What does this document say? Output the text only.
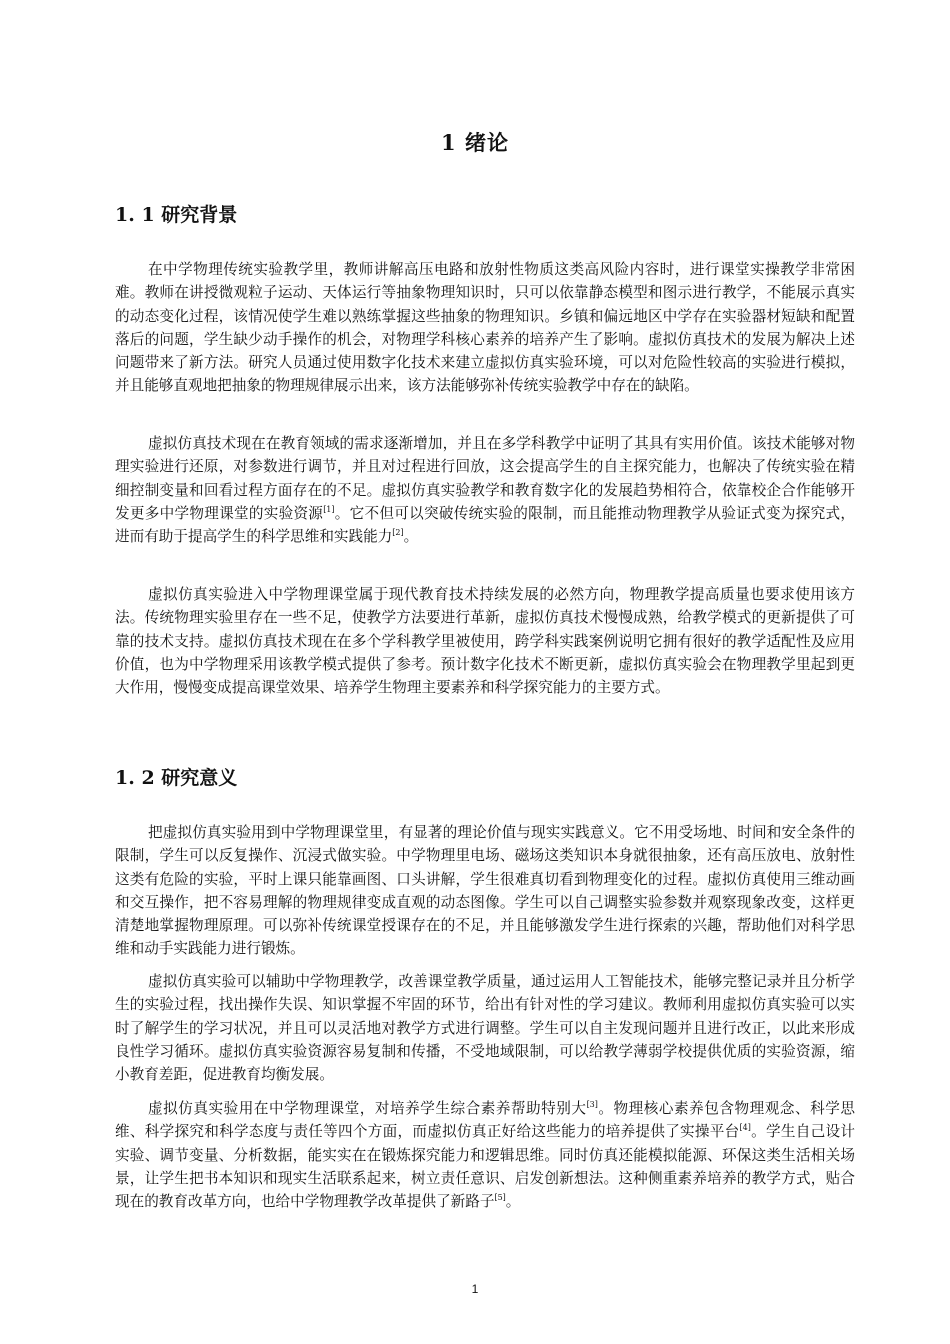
1 绪论
1. 1 研究背景

在中学物理传统实验教学里，教师讲解高压电路和放射性物质这类高风险内容时，进行课堂实操教学非常困难。教师在讲授微观粒子运动、天体运行等抽象物理知识时，只可以依靠静态模型和图示进行教学，不能展示真实的动态变化过程，该情况使学生难以熟练掌握这些抽象的物理知识。乡镇和偏远地区中学存在实验器材短缺和配置落后的问题，学生缺少动手操作的机会，对物理学科核心素养的培养产生了影响。虚拟仿真技术的发展为解决上述问题带来了新方法。研究人员通过使用数字化技术来建立虚拟仿真实验环境，可以对危险性较高的实验进行模拟，并且能够直观地把抽象的物理规律展示出来，该方法能够弥补传统实验教学中存在的缺陷。

虚拟仿真技术现在在教育领域的需求逐渐增加，并且在多学科教学中证明了其具有实用价值。该技术能够对物理实验进行还原，对参数进行调节，并且对过程进行回放，这会提高学生的自主探究能力，也解决了传统实验在精细控制变量和回看过程方面存在的不足。虚拟仿真实验教学和教育数字化的发展趋势相符合，依靠校企合作能够开发更多中学物理课堂的实验资源[1]。它不但可以突破传统实验的限制，而且能推动物理教学从验证式变为探究式，进而有助于提高学生的科学思维和实践能力[2]。

虚拟仿真实验进入中学物理课堂属于现代教育技术持续发展的必然方向，物理教学提高质量也要求使用该方法。传统物理实验里存在一些不足，使教学方法要进行革新，虚拟仿真技术慢慢成熟，给教学模式的更新提供了可靠的技术支持。虚拟仿真技术现在在多个学科教学里被使用，跨学科实践案例说明它拥有很好的教学适配性及应用价值，也为中学物理采用该教学模式提供了参考。预计数字化技术不断更新，虚拟仿真实验会在物理教学里起到更大作用，慢慢变成提高课堂效果、培养学生物理主要素养和科学探究能力的主要方式。

1. 2 研究意义

把虚拟仿真实验用到中学物理课堂里，有显著的理论价值与现实实践意义。它不用受场地、时间和安全条件的限制，学生可以反复操作、沉浸式做实验。中学物理里电场、磁场这类知识本身就很抽象，还有高压放电、放射性这类有危险的实验，平时上课只能靠画图、口头讲解，学生很难真切看到物理变化的过程。虚拟仿真使用三维动画和交互操作，把不容易理解的物理规律变成直观的动态图像。学生可以自己调整实验参数并观察现象改变，这样更清楚地掌握物理原理。可以弥补传统课堂授课存在的不足，并且能够激发学生进行探索的兴趣，帮助他们对科学思维和动手实践能力进行锻炼。

虚拟仿真实验可以辅助中学物理教学，改善课堂教学质量，通过运用人工智能技术，能够完整记录并且分析学生的实验过程，找出操作失误、知识掌握不牢固的环节，给出有针对性的学习建议。教师利用虚拟仿真实验可以实时了解学生的学习状况，并且可以灵活地对教学方式进行调整。学生可以自主发现问题并且进行改正，以此来形成良性学习循环。虚拟仿真实验资源容易复制和传播，不受地域限制，可以给教学薄弱学校提供优质的实验资源，缩小教育差距，促进教育均衡发展。

虚拟仿真实验用在中学物理课堂，对培养学生综合素养帮助特别大[3]。物理核心素养包含物理观念、科学思维、科学探究和科学态度与责任等四个方面，而虚拟仿真正好给这些能力的培养提供了实操平台[4]。学生自己设计实验、调节变量、分析数据，能实实在在锻炼探究能力和逻辑思维。同时仿真还能模拟能源、环保这类生活相关场景，让学生把书本知识和现实生活联系起来，树立责任意识、启发创新想法。这种侧重素养培养的教学方式，贴合现在的教育改革方向，也给中学物理教学改革提供了新路子[5]。

1
